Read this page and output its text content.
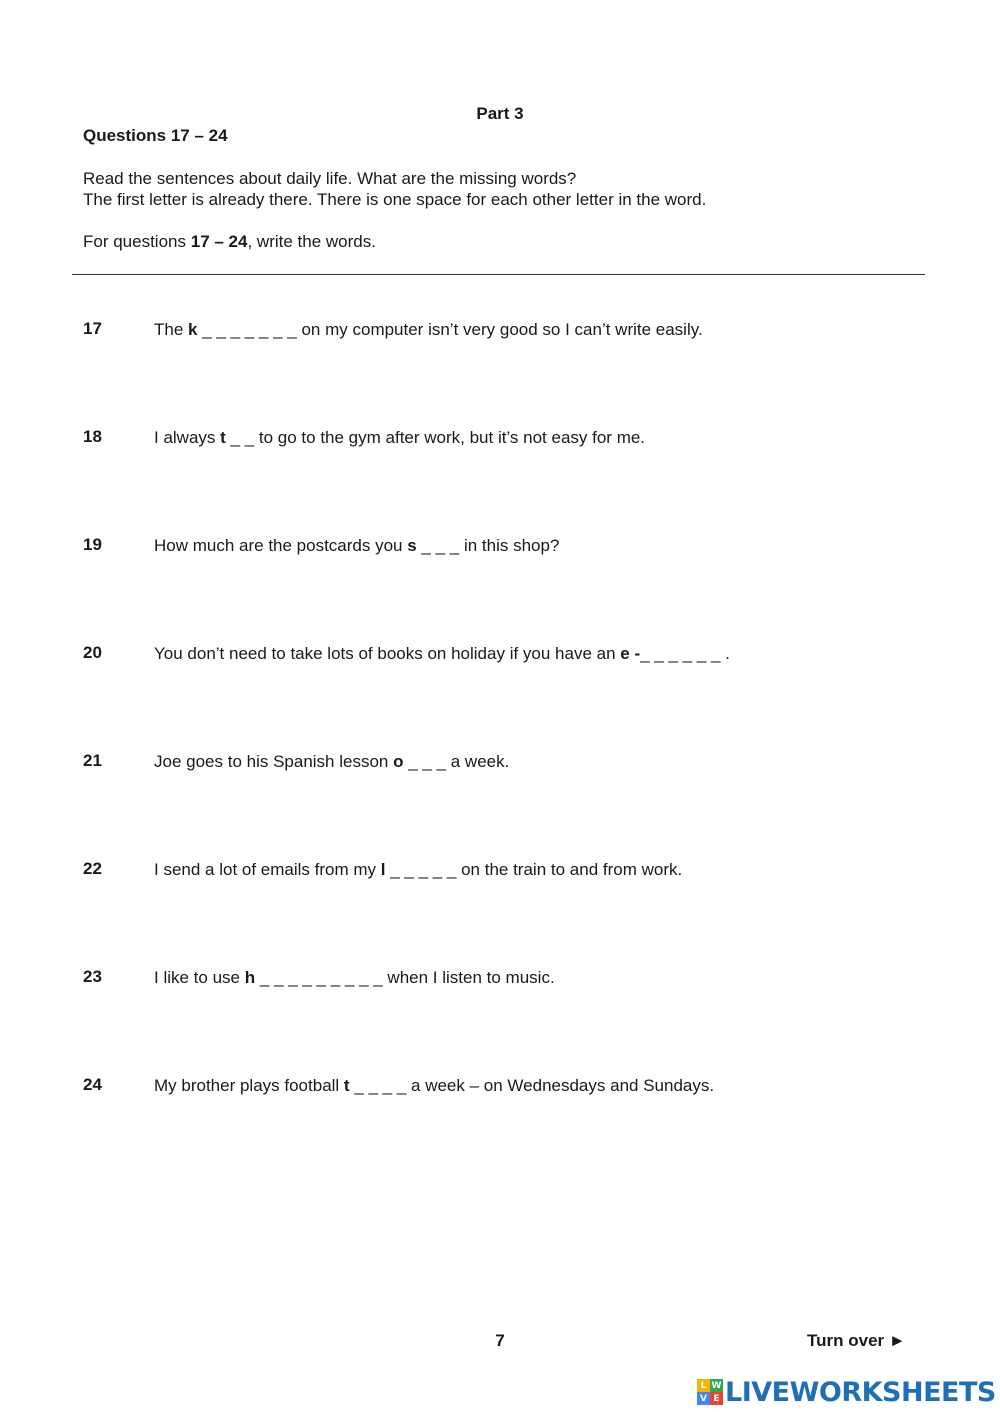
Part 3
Questions 17 – 24
Read the sentences about daily life. What are the missing words?
The first letter is already there. There is one space for each other letter in the word.
For questions 17 – 24, write the words.
17	The k _ _ _ _ _ _ _ on my computer isn’t very good so I can’t write easily.
18	I always t _ _ to go to the gym after work, but it’s not easy for me.
19	How much are the postcards you s _ _ _ in this shop?
20	You don’t need to take lots of books on holiday if you have an e -_ _ _ _ _ _ .
21	Joe goes to his Spanish lesson o _ _ _ a week.
22	I send a lot of emails from my l _ _ _ _ _ on the train to and from work.
23	I like to use h _ _ _ _ _ _ _ _ _ when I listen to music.
24	My brother plays football t _ _ _ _ a week – on Wednesdays and Sundays.
7	Turn over ►
L W
V E LIVEWORKSHEETS
